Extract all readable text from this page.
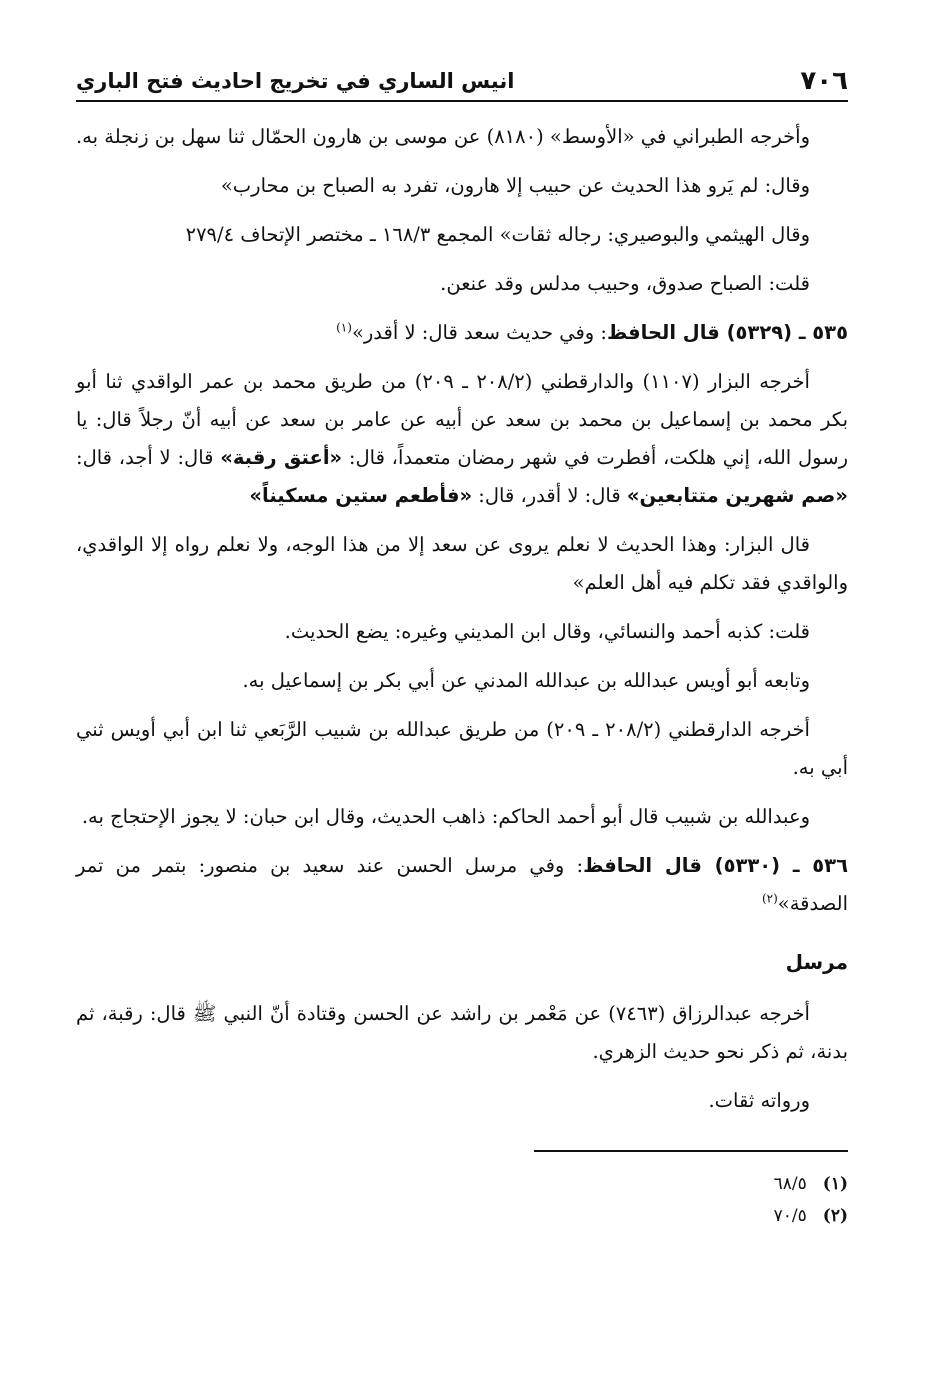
٧٠٦
انيس الساري في تخريج احاديث فتح الباري

وأخرجه الطبراني في «الأوسط» (٨١٨٠) عن موسى بن هارون الحمّال ثنا سهل بن زنجلة به.

وقال: لم يَرو هذا الحديث عن حبيب إلا هارون، تفرد به الصباح بن محارب»

وقال الهيثمي والبوصيري: رجاله ثقات» المجمع ١٦٨/٣ ـ مختصر الإتحاف ٢٧٩/٤

قلت: الصباح صدوق، وحبيب مدلس وقد عنعن.

٥٣٥ ـ (٥٣٢٩) قال الحافظ: وفي حديث سعد قال: لا أقدر»$^{(١)}$

أخرجه البزار (١١٠٧) والدارقطني (٢٠٨/٢ ـ ٢٠٩) من طريق محمد بن عمر الواقدي ثنا أبو بكر محمد بن إسماعيل بن محمد بن سعد عن أبيه عن عامر بن سعد عن أبيه أنّ رجلاً قال: يا رسول الله، إني هلكت، أفطرت في شهر رمضان متعمداً، قال: «أعتق رقبة» قال: لا أجد، قال: «صم شهرين متتابعين» قال: لا أقدر، قال: «فأطعم ستين مسكيناً»

قال البزار: وهذا الحديث لا نعلم يروى عن سعد إلا من هذا الوجه، ولا نعلم رواه إلا الواقدي، والواقدي فقد تكلم فيه أهل العلم»

قلت: كذبه أحمد والنسائي، وقال ابن المديني وغيره: يضع الحديث.

وتابعه أبو أويس عبدالله بن عبدالله المدني عن أبي بكر بن إسماعيل به.

أخرجه الدارقطني (٢٠٨/٢ ـ ٢٠٩) من طريق عبدالله بن شبيب الرَّبَعي ثنا ابن أبي أويس ثني أبي به.

وعبدالله بن شبيب قال أبو أحمد الحاكم: ذاهب الحديث، وقال ابن حبان: لا يجوز الإحتجاج به.

٥٣٦ ـ (٥٣٣٠) قال الحافظ: وفي مرسل الحسن عند سعيد بن منصور: بتمر من تمر الصدقة»$^{(٢)}$

مرسل

أخرجه عبدالرزاق (٧٤٦٣) عن مَعْمر بن راشد عن الحسن وقتادة أنّ النبي ﷺ قال: رقبة، ثم بدنة، ثم ذكر نحو حديث الزهري.

ورواته ثقات.

(١)
٦٨/٥
(٢)
٧٠/٥
